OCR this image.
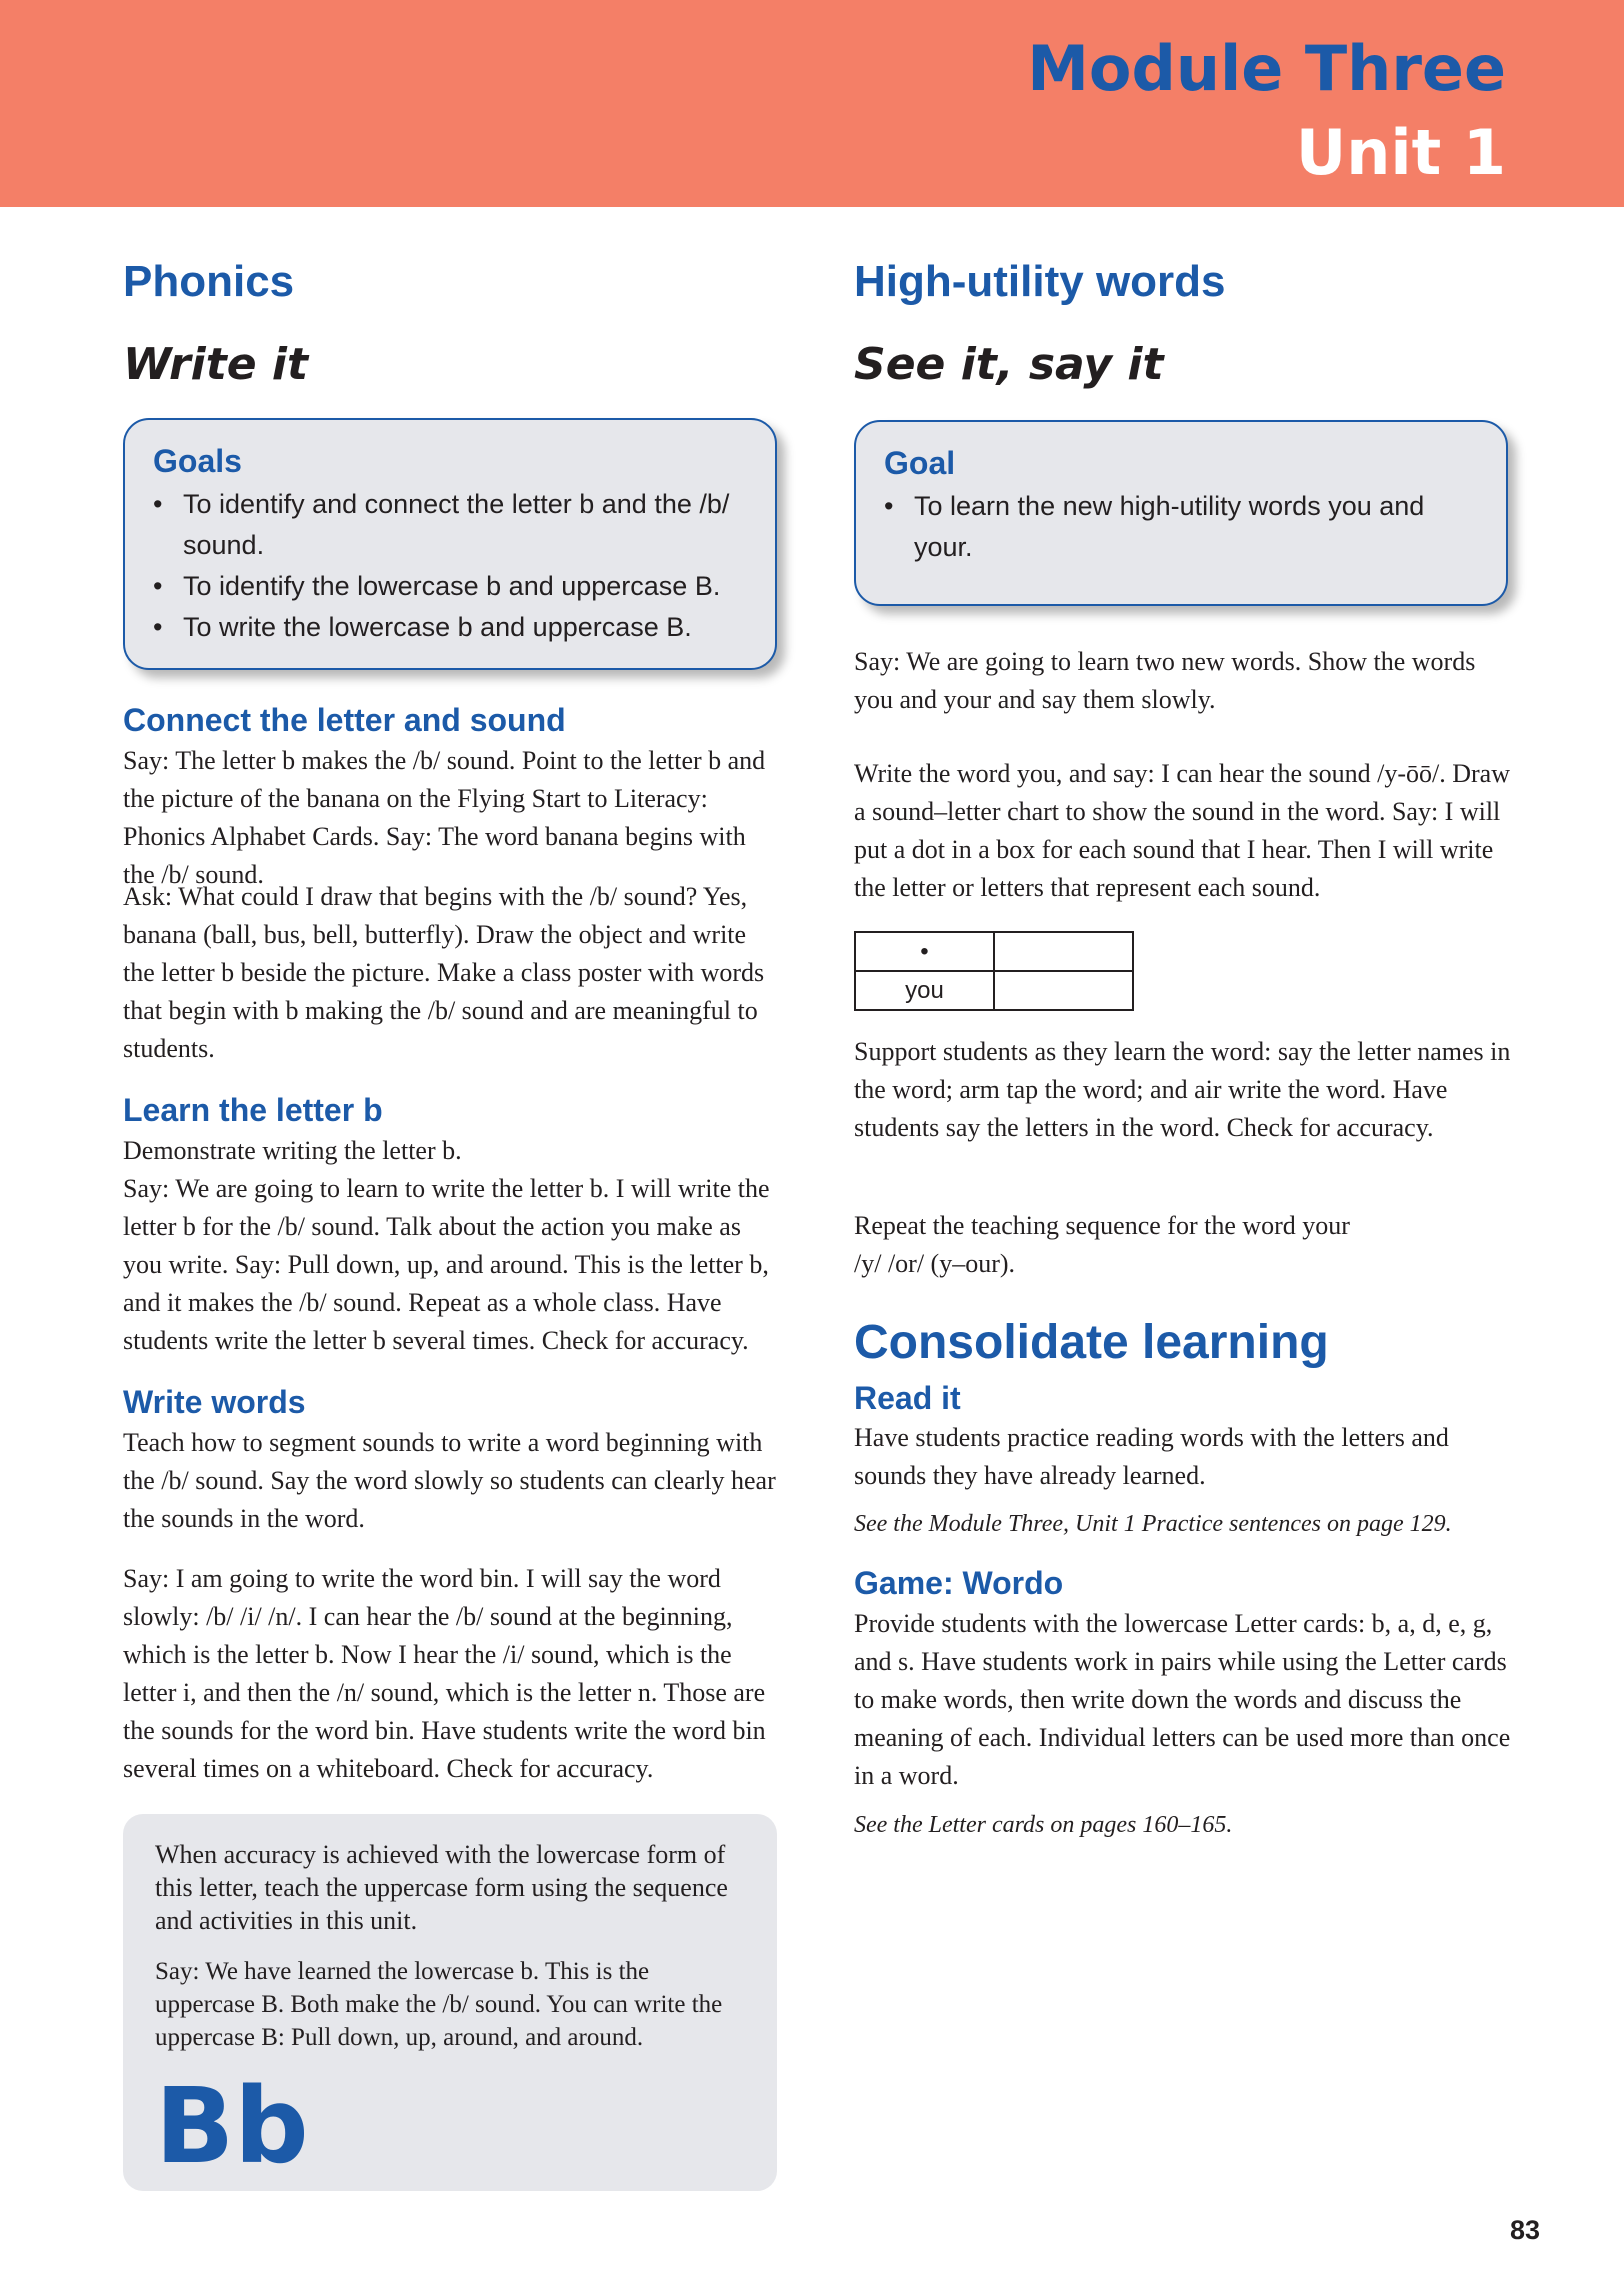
Module Three
Unit 1
Phonics
Write it
Goals
• To identify and connect the letter b and the /b/ sound.
• To identify the lowercase b and uppercase B.
• To write the lowercase b and uppercase B.
Connect the letter and sound

Say: The letter b makes the /b/ sound. Point to the letter b and the picture of the banana on the Flying Start to Literacy: Phonics Alphabet Cards. Say: The word banana begins with the /b/ sound.

Ask: What could I draw that begins with the /b/ sound? Yes, banana (ball, bus, bell, butterfly). Draw the object and write the letter b beside the picture. Make a class poster with words that begin with b making the /b/ sound and are meaningful to students.

Learn the letter b

Demonstrate writing the letter b.

Say: We are going to learn to write the letter b. I will write the letter b for the /b/ sound. Talk about the action you make as you write. Say: Pull down, up, and around. This is the letter b, and it makes the /b/ sound. Repeat as a whole class. Have students write the letter b several times. Check for accuracy.

Write words

Teach how to segment sounds to write a word beginning with the /b/ sound. Say the word slowly so students can clearly hear the sounds in the word.

Say: I am going to write the word bin. I will say the word slowly: /b/ /i/ /n/. I can hear the /b/ sound at the beginning, which is the letter b. Now I hear the /i/ sound, which is the letter i, and then the /n/ sound, which is the letter n. Those are the sounds for the word bin. Have students write the word bin several times on a whiteboard. Check for accuracy.

When accuracy is achieved with the lowercase form of this letter, teach the uppercase form using the sequence and activities in this unit.

Say: We have learned the lowercase b. This is the uppercase B. Both make the /b/ sound. You can write the uppercase B: Pull down, up, around, and around.

Bb
High-utility words
See it, say it
Goal
• To learn the new high-utility words you and your.

Say: We are going to learn two new words. Show the words you and your and say them slowly.

Write the word you, and say: I can hear the sound /y-ōō/. Draw a sound–letter chart to show the sound in the word. Say: I will put a dot in a box for each sound that I hear. Then I will write the letter or letters that represent each sound.

•	
you	

Support students as they learn the word: say the letter names in the word; arm tap the word; and air write the word. Have students say the letters in the word. Check for accuracy.

Repeat the teaching sequence for the word your /y/ /or/ (y–our).

Consolidate learning
Read it

Have students practice reading words with the letters and sounds they have already learned.

See the Module Three, Unit 1 Practice sentences on page 129.

Game: Wordo

Provide students with the lowercase Letter cards: b, a, d, e, g, and s. Have students work in pairs while using the Letter cards to make words, then write down the words and discuss the meaning of each. Individual letters can be used more than once in a word.

See the Letter cards on pages 160–165.

83
